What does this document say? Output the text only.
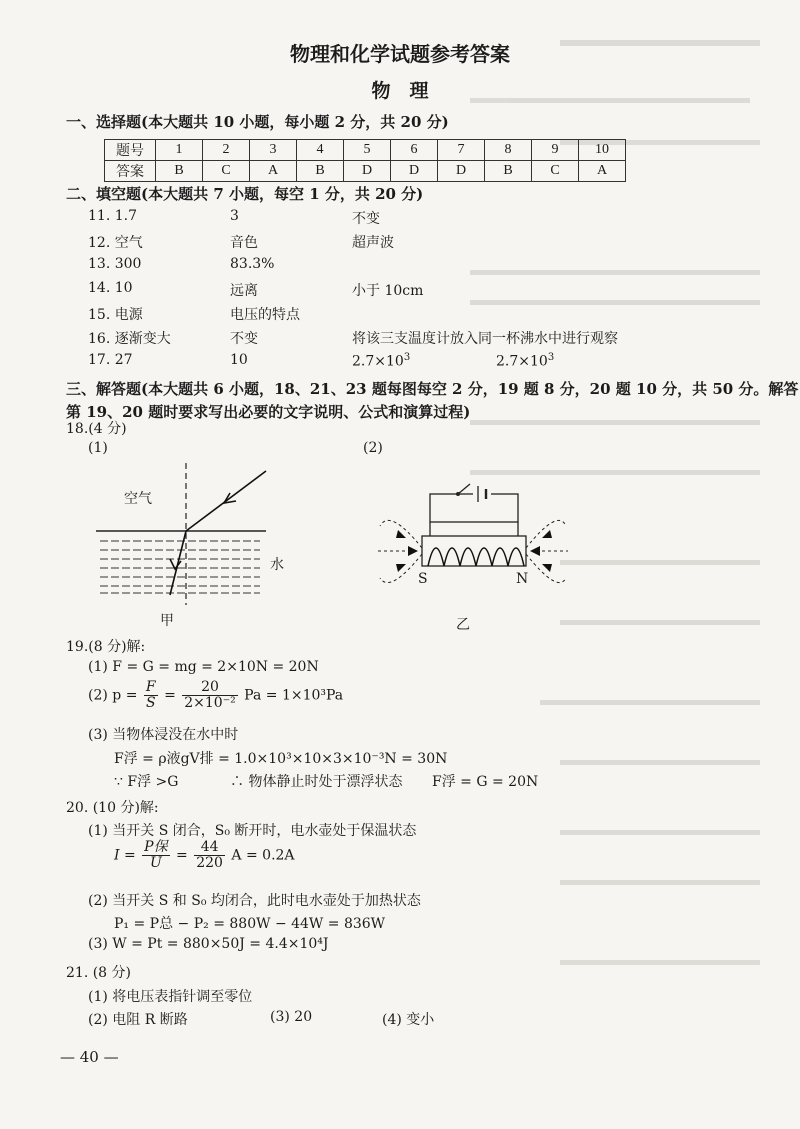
物理和化学试题参考答案
物　理
一、选择题(本大题共 10 小题，每小题 2 分，共 20 分)
题号	1	2	3	4	5	6	7	8	9	10
答案	B	C	A	B	D	D	D	B	C	A
二、填空题(本大题共 7 小题，每空 1 分，共 20 分)
11. 1.7	3	不变
12. 空气	音色	超声波
13. 300	83.3%
14. 10	远离	小于 10cm
15. 电源	电压的特点
16. 逐渐变大	不变	将该三支温度计放入同一杯沸水中进行观察
17. 27	10	$2.7\times 10^3$	$2.7\times 10^3$
三、解答题(本大题共 6 小题，18、21、23 题每图每空 2 分，19 题 8 分，20 题 10 分，共 50 分。解答
第 19、20 题时要求写出必要的文字说明、公式和演算过程)
18.(4 分)
(1)	(2)
空气
水
甲
S	N
乙
19.(8 分)解:
(1) F = G = mg = 2×10N = 20N
(2) $p = \frac{F}{S} = \frac{20}{\text{2×10⁻²}}$ Pa = 1×10³Pa
(3) 当物体浸没在水中时
F浮 = ρ液gV排 = 1.0×10³×10×3×10⁻³N = 30N
∵ F浮 >G	∴ 物体静止时处于漂浮状态 F浮 = G = 20N
20. (10 分)解:
(1) 当开关 S 闭合，S₀ 断开时，电水壶处于保温状态
$I = \frac{\text{P保}}{U} = \frac{44}{220}$ A = 0.2A
(2) 当开关 S 和 S₀ 均闭合，此时电水壶处于加热状态
P₁ = P总 − P₂ = 880W − 44W = 836W
(3) W = Pt = 880×50J = 4.4×10⁴J
21. (8 分)
(1) 将电压表指针调至零位
(2) 电阻 R 断路	(3) 20	(4) 变小
— 40 —
